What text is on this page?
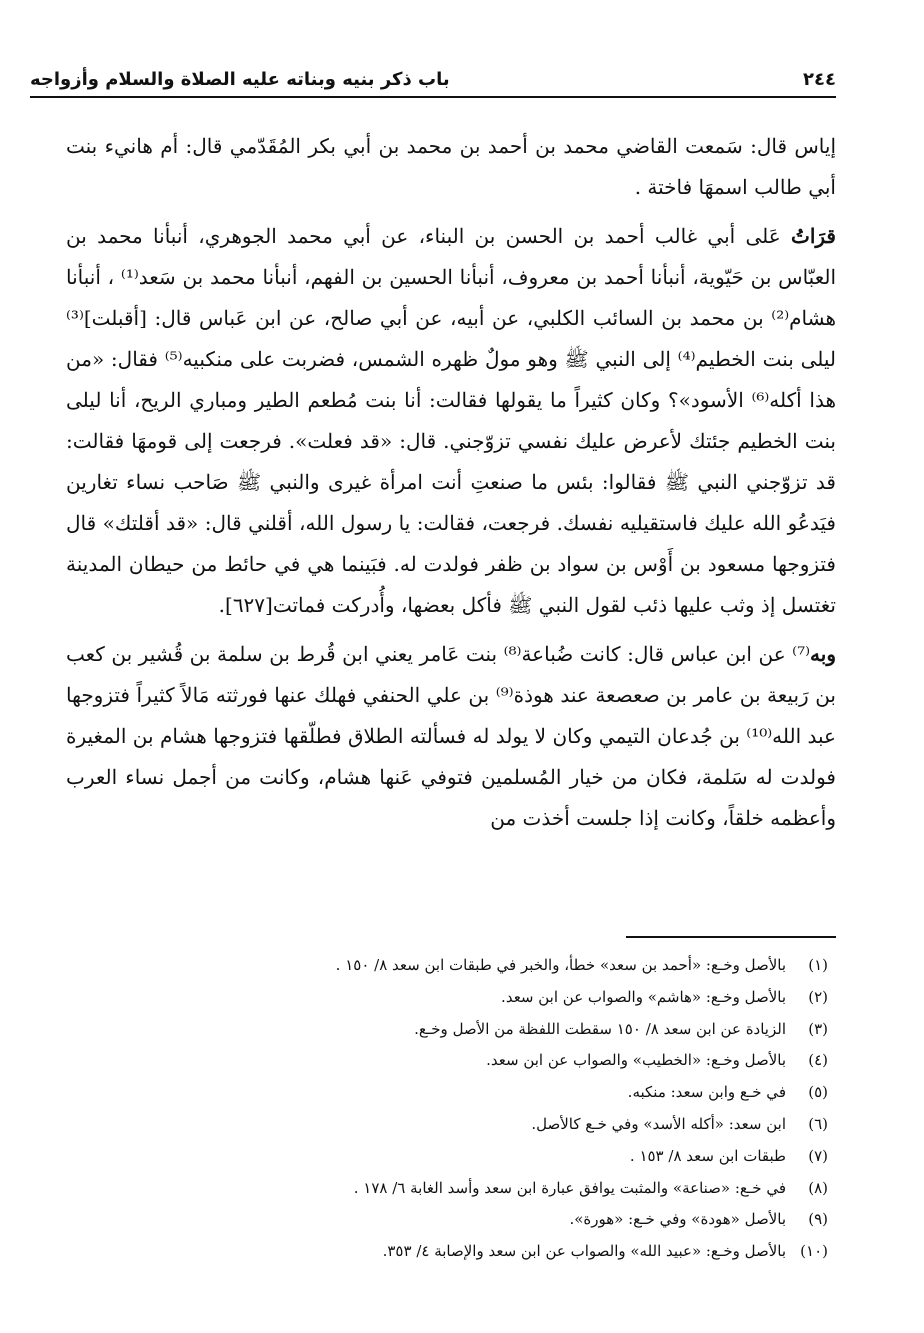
٢٤٤
باب ذكر بنيه وبناته عليه الصلاة والسلام وأزواجه

إياس قال: سَمعت القاضي محمد بن أحمد بن محمد بن أبي بكر المُقَدّمي قال: أم هانيء بنت أبي طالب اسمهَا فاختة .

قرَاتُ عَلى أبي غالب أحمد بن الحسن بن البناء، عن أبي محمد الجوهري، أنبأنا محمد بن العبّاس بن حَيّوية، أنبأنا أحمد بن معروف، أنبأنا الحسين بن الفهم، أنبأنا محمد بن سَعد⁽¹⁾ ، أنبأنا هشام⁽²⁾ بن محمد بن السائب الكلبي، عن أبيه، عن أبي صالح، عن ابن عَباس قال: [أقبلت]⁽³⁾ ليلى بنت الخطيم⁽⁴⁾ إلى النبي ﷺ وهو مولٌ ظهره الشمس، فضربت على منكبيه⁽⁵⁾ فقال: «من هذا أكله⁽⁶⁾ الأسود»؟ وكان كثيراً ما يقولها فقالت: أنا بنت مُطعم الطير ومباري الريح، أنا ليلى بنت الخطيم جئتك لأعرض عليك نفسي تزوّجني. قال: «قد فعلت». فرجعت إلى قومهَا فقالت: قد تزوّجني النبي ﷺ فقالوا: بئس ما صنعتِ أنت امرأة غيرى والنبي ﷺ صَاحب نساء تغارين فيَدعُو الله عليك فاستقيليه نفسك. فرجعت، فقالت: يا رسول الله، أقلني قال: «قد أقلتك» قال فتزوجها مسعود بن أَوْس بن سواد بن ظفر فولدت له. فبَينما هي في حائط من حيطان المدينة تغتسل إذ وثب عليها ذئب لقول النبي ﷺ فأكل بعضها، وأُدركت فماتت[٦٢٧].

وبه⁽⁷⁾ عن ابن عباس قال: كانت ضُباعة⁽⁸⁾ بنت عَامر يعني ابن قُرط بن سلمة بن قُشير بن كعب بن رَبيعة بن عامر بن صعصعة عند هوذة⁽⁹⁾ بن علي الحنفي فهلك عنها فورثته مَالاً كثيراً فتزوجها عبد الله⁽¹⁰⁾ بن جُدعان التيمي وكان لا يولد له فسألته الطلاق فطلّقها فتزوجها هشام بن المغيرة فولدت له سَلمة، فكان من خيار المُسلمين فتوفي عَنها هشام، وكانت من أجمل نساء العرب وأعظمه خلقاً، وكانت إذا جلست أخذت من

(١)
بالأصل وخـع: «أحمد بن سعد» خطأ، والخبر في طبقات ابن سعد ٨/ ١٥٠ .
(٢)
بالأصل وخـع: «هاشم» والصواب عن ابن سعد.
(٣)
الزيادة عن ابن سعد ٨/ ١٥٠ سقطت اللفظة من الأصل وخـع.
(٤)
بالأصل وخـع: «الخطيب» والصواب عن ابن سعد.
(٥)
في خـع وابن سعد: منكبه.
(٦)
ابن سعد: «أكله الأسد» وفي خـع كالأصل.
(٧)
طبقات ابن سعد ٨/ ١٥٣ .
(٨)
في خـع: «صناعة» والمثبت يوافق عبارة ابن سعد وأسد الغابة ٦/ ١٧٨ .
(٩)
بالأصل «هودة» وفي خـع: «هورة».
(١٠)
بالأصل وخـع: «عبيد الله» والصواب عن ابن سعد والإصابة ٤/ ٣٥٣.
